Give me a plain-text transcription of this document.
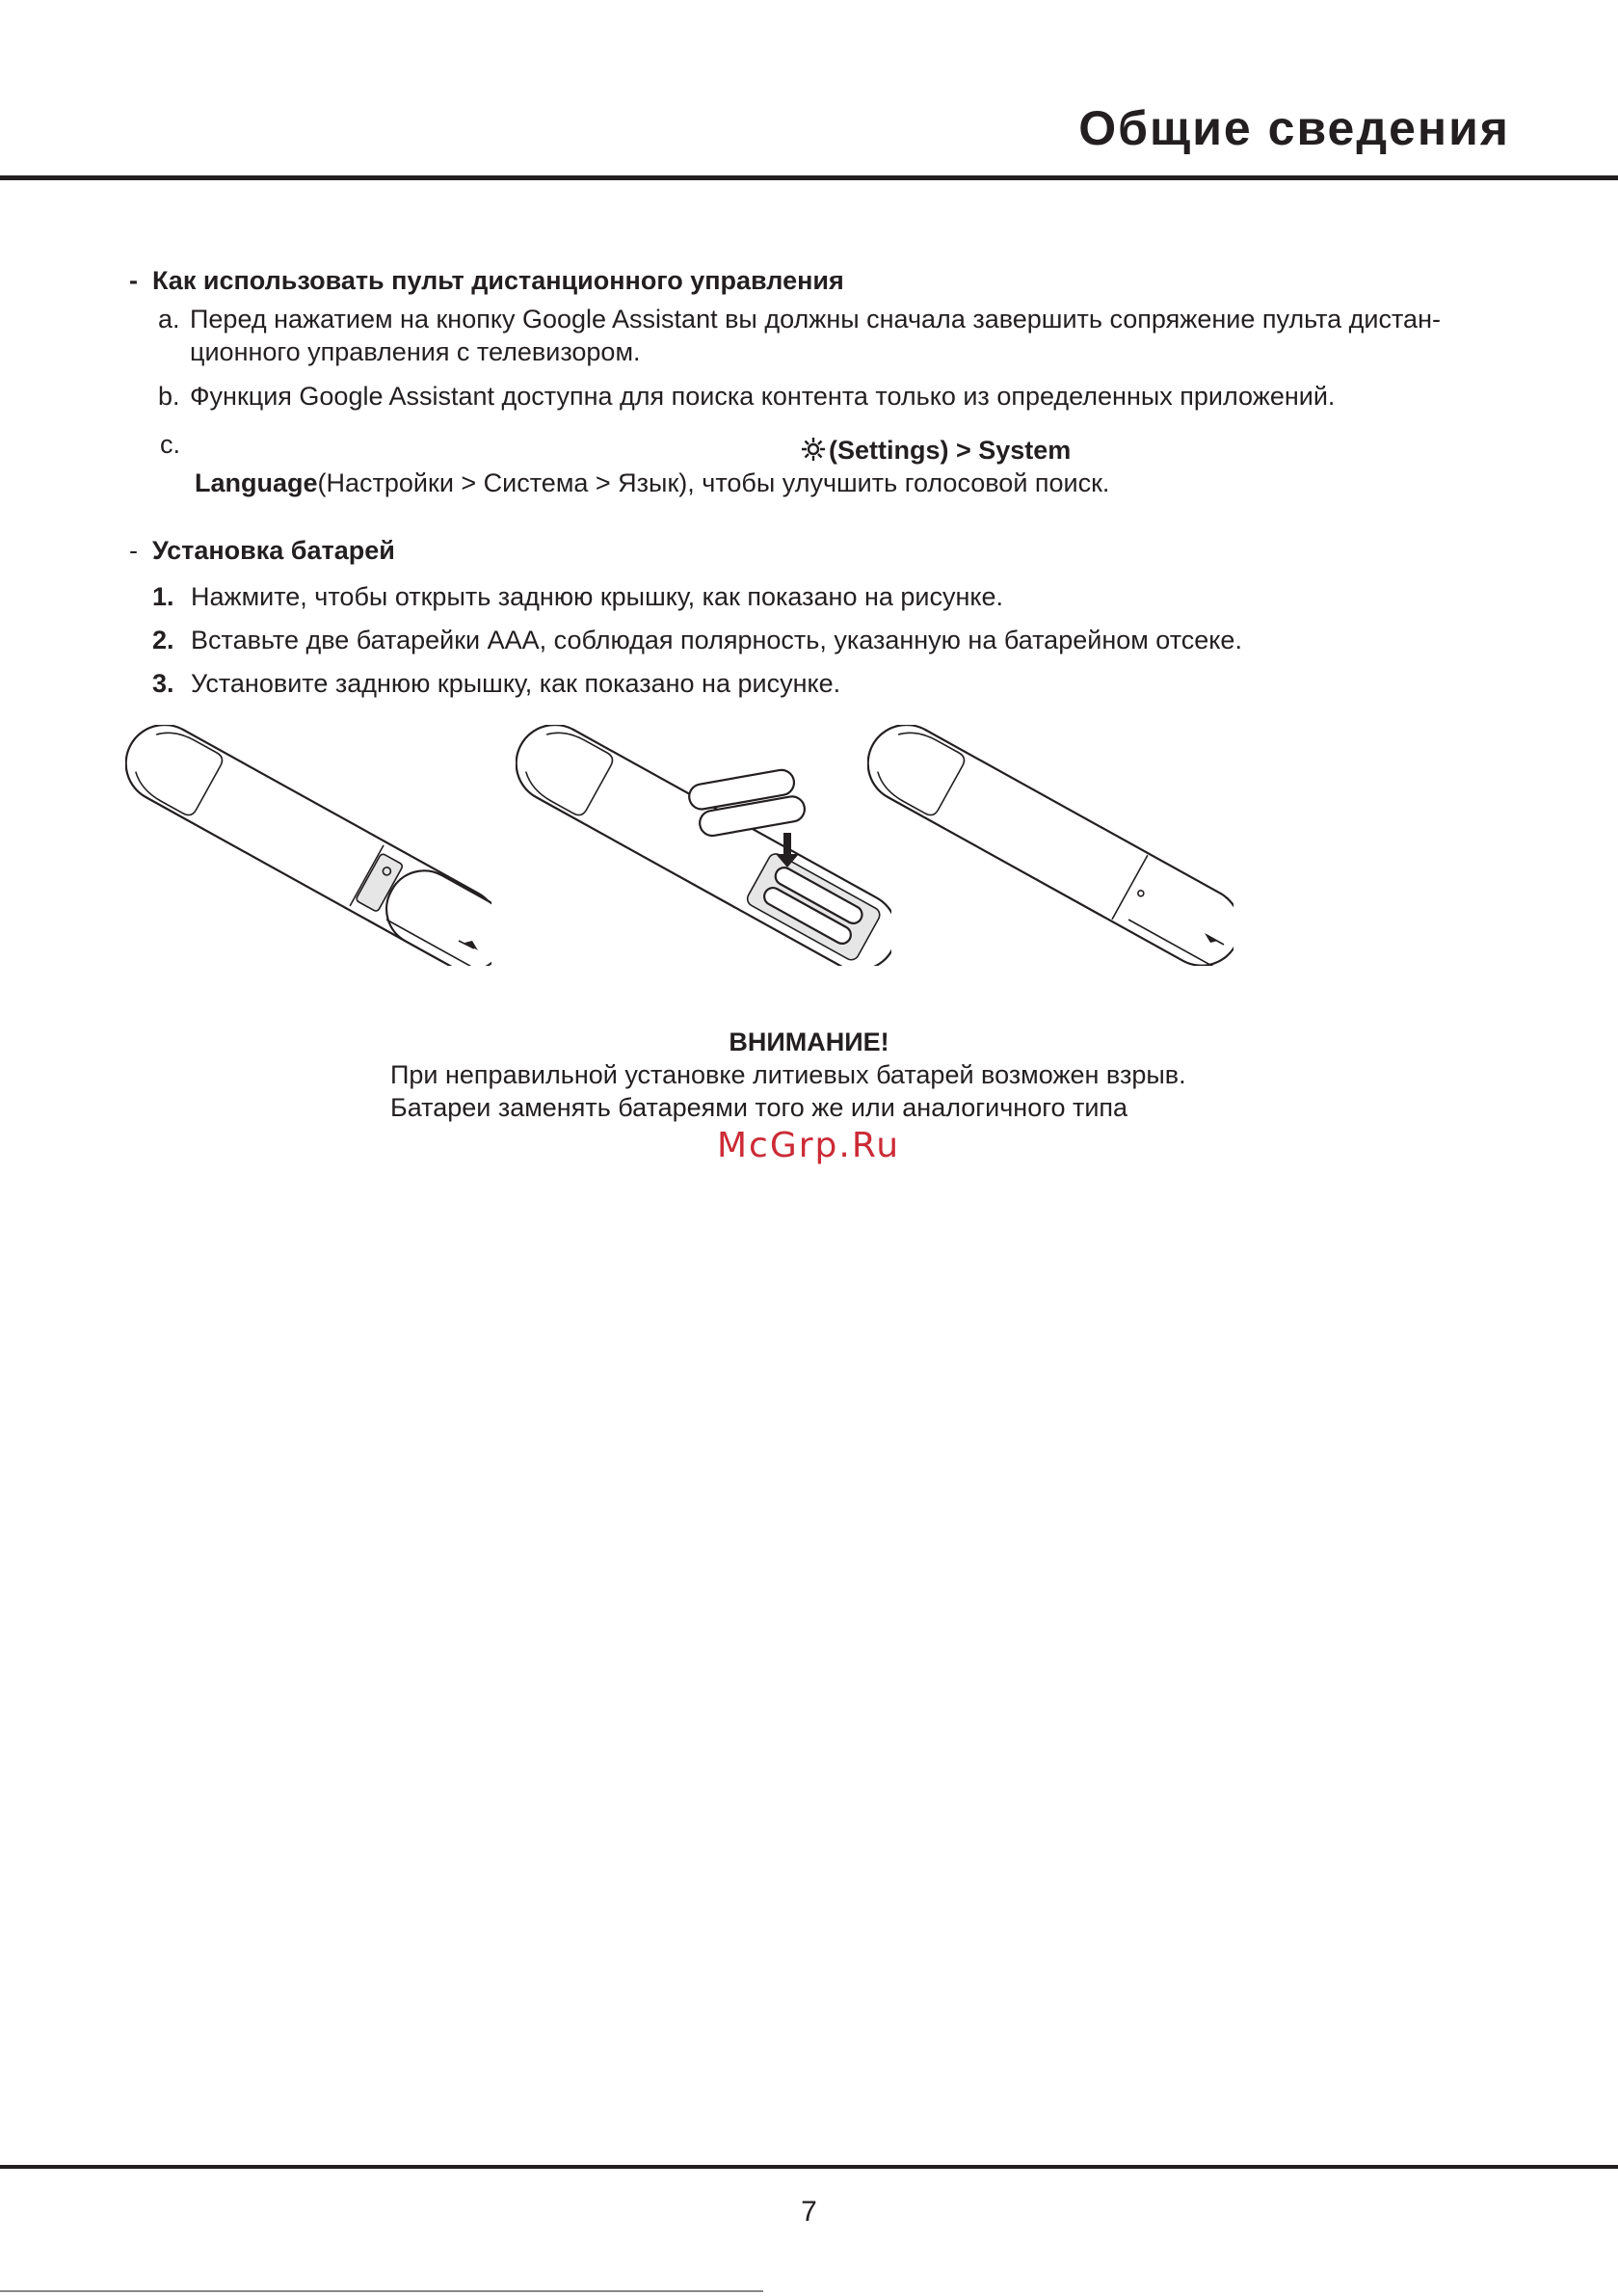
Общие сведения
- Как использовать пульт дистанционного управления
a. Перед нажатием на кнопку Google Assistant вы должны сначала завершить сопряжение пульта дистан-
ционного управления с телевизором.
b. Функция Google Assistant доступна для поиска контента только из определенных приложений.
c.	(Settings) > System
Language(Настройки > Система > Язык), чтобы улучшить голосовой поиск.
- Установка батарей
1. Нажмите, чтобы открыть заднюю крышку, как показано на рисунке.
2. Вставьте две батарейки AAA, соблюдая полярность, указанную на батарейном отсеке.
3. Установите заднюю крышку, как показано на рисунке.
ВНИМАНИЕ!
При неправильной установке литиевых батарей возможен взрыв.
Батареи заменять батареями того же или аналогичного типа
McGrp.Ru
7
